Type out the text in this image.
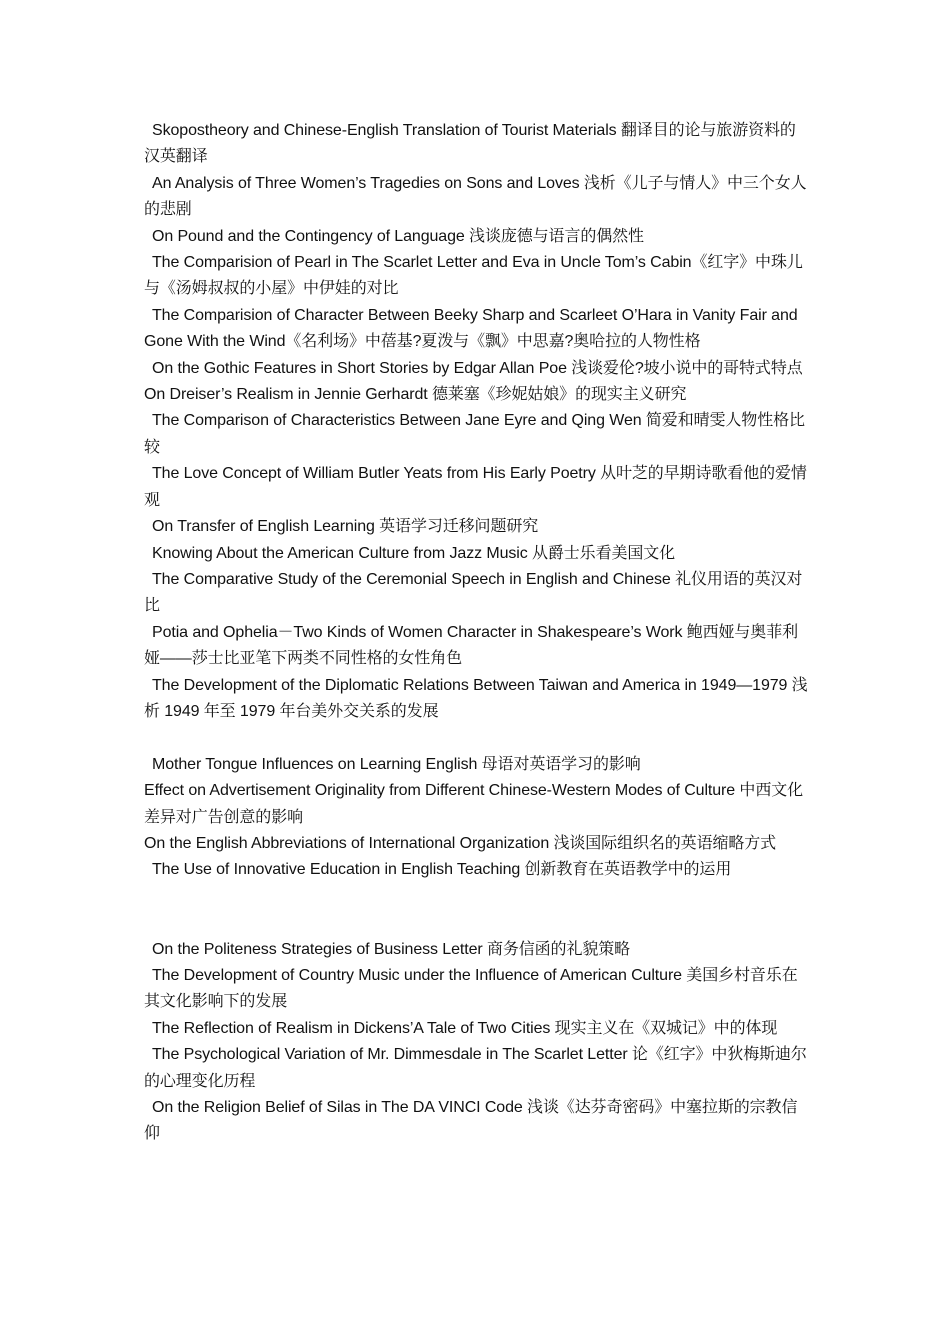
Skopostheory and Chinese-English Translation of Tourist Materials 翻译目的论与旅游资料的汉英翻译

An Analysis of Three Women’s Tragedies on Sons and Loves 浅析《儿子与情人》中三个女人的悲剧

On Pound and the Contingency of Language 浅谈庞德与语言的偶然性

The Comparision of Pearl in The Scarlet Letter and Eva in Uncle Tom’s Cabin《红字》中珠儿与《汤姆叔叔的小屋》中伊娃的对比

The Comparision of Character Between Beeky Sharp and Scarleet O’Hara in Vanity Fair and Gone With the Wind《名利场》中蓓基?夏泼与《飘》中思嘉?奥哈拉的人物性格

On the Gothic Features in Short Stories by Edgar Allan Poe 浅谈爱伦?坡小说中的哥特式特点

On Dreiser’s Realism in Jennie Gerhardt 德莱塞《珍妮姑娘》的现实主义研究

The Comparison of Characteristics Between Jane Eyre and Qing Wen 简爱和晴雯人物性格比较

The Love Concept of William Butler Yeats from His Early Poetry 从叶芝的早期诗歌看他的爱情观

On Transfer of English Learning 英语学习迁移问题研究

Knowing About the American Culture from Jazz Music 从爵士乐看美国文化

The Comparative Study of the Ceremonial Speech in English and Chinese 礼仪用语的英汉对比

Potia and Ophelia－Two Kinds of Women Character in Shakespeare’s Work 鲍西娅与奥菲利娅——莎士比亚笔下两类不同性格的女性角色

The Development of the Diplomatic Relations Between Taiwan and America in 1949—1979 浅析 1949 年至 1979 年台美外交关系的发展

Mother Tongue Influences on Learning English 母语对英语学习的影响

Effect on Advertisement Originality from Different Chinese-Western Modes of Culture 中西文化差异对广告创意的影响

On the English Abbreviations of International Organization 浅谈国际组织名的英语缩略方式

The Use of Innovative Education in English Teaching 创新教育在英语教学中的运用

On the Politeness Strategies of Business Letter 商务信函的礼貌策略

The Development of Country Music under the Influence of American Culture 美国乡村音乐在其文化影响下的发展

The Reflection of Realism in Dickens’A Tale of Two Cities 现实主义在《双城记》中的体现

The Psychological Variation of Mr. Dimmesdale in The Scarlet Letter 论《红字》中狄梅斯迪尔的心理变化历程

On the Religion Belief of Silas in The DA VINCI Code 浅谈《达芬奇密码》中塞拉斯的宗教信仰
